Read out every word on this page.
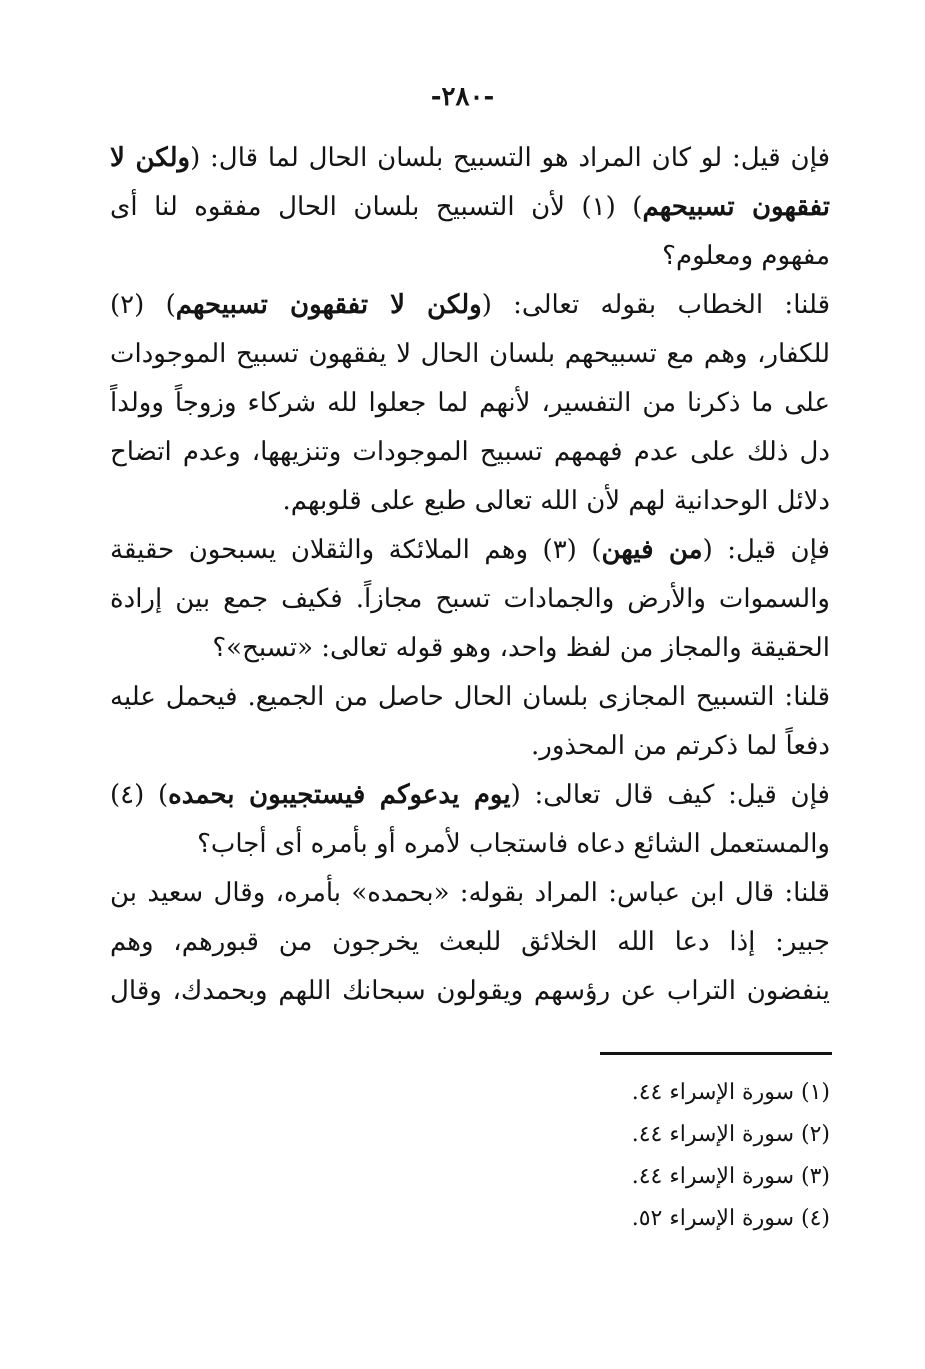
-٢٨٠-
فإن قيل: لو كان المراد هو التسبيح بلسان الحال لما قال: (ولكن لا
تفقهون تسبيحهم) (١) لأن التسبيح بلسان الحال مفقوه لنا أى
مفهوم ومعلوم؟
قلنا: الخطاب بقوله تعالى: (ولكن لا تفقهون تسبيحهم) (٢)
للكفار، وهم مع تسبيحهم بلسان الحال لا يفقهون تسبيح الموجودات
على ما ذكرنا من التفسير، لأنهم لما جعلوا لله شركاء وزوجاً وولداً
دل ذلك على عدم فهمهم تسبيح الموجودات وتنزيهها، وعدم اتضاح
دلائل الوحدانية لهم لأن الله تعالى طبع على قلوبهم.
فإن قيل: (من فيهن) (٣) وهم الملائكة والثقلان يسبحون حقيقة
والسموات والأرض والجمادات تسبح مجازاً. فكيف جمع بين إرادة
الحقيقة والمجاز من لفظ واحد، وهو قوله تعالى: «تسبح»؟
قلنا: التسبيح المجازى بلسان الحال حاصل من الجميع. فيحمل عليه
دفعاً لما ذكرتم من المحذور.
فإن قيل: كيف قال تعالى: (يوم يدعوكم فيستجيبون بحمده) (٤)
والمستعمل الشائع دعاه فاستجاب لأمره أو بأمره أى أجاب؟
قلنا: قال ابن عباس: المراد بقوله: «بحمده» بأمره، وقال سعيد بن
جبير: إذا دعا الله الخلائق للبعث يخرجون من قبورهم، وهم
ينفضون التراب عن رؤسهم ويقولون سبحانك اللهم وبحمدك، وقال
(١) سورة الإسراء ٤٤.
(٢) سورة الإسراء ٤٤.
(٣) سورة الإسراء ٤٤.
(٤) سورة الإسراء ٥٢.
